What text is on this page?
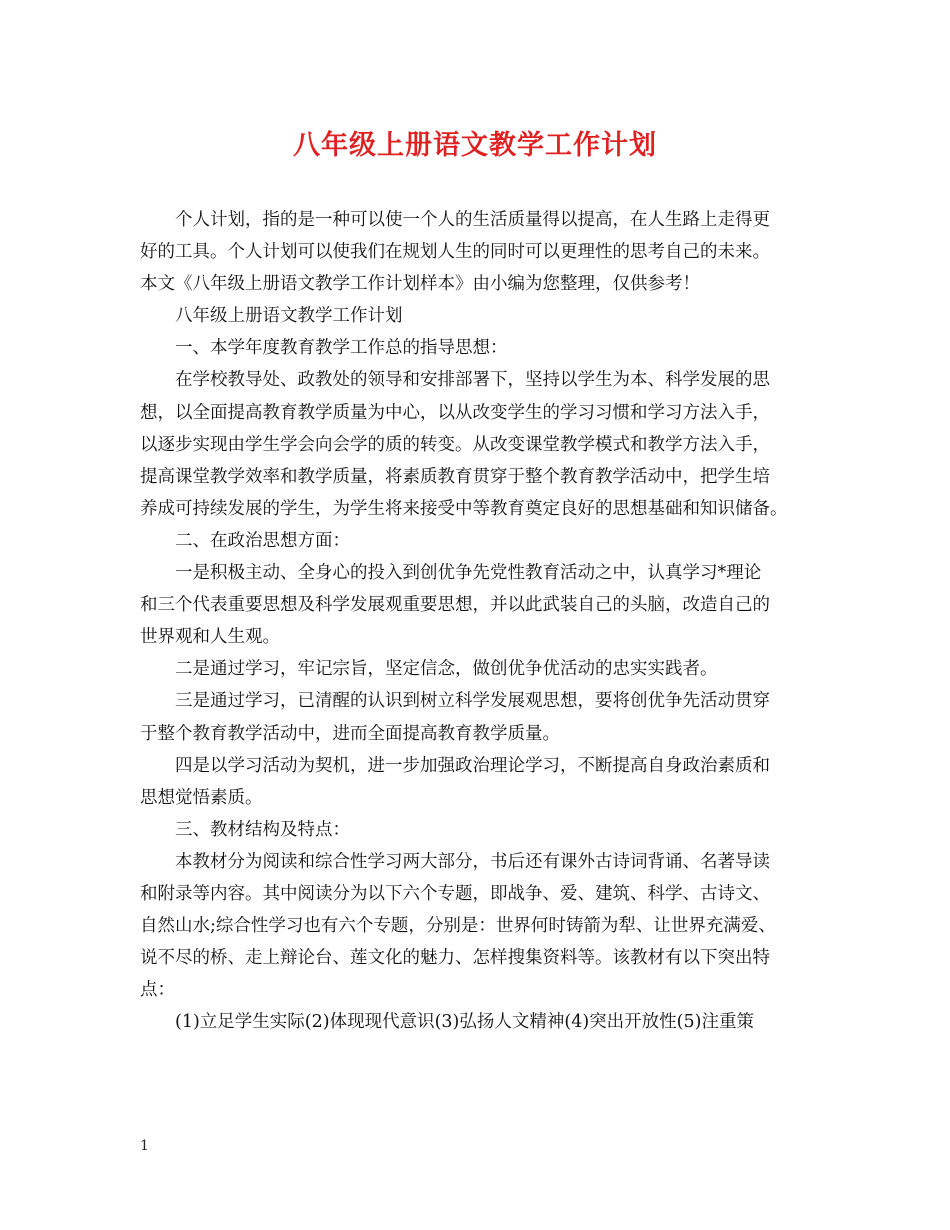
八年级上册语文教学工作计划
个人计划，指的是一种可以使一个人的生活质量得以提高，在人生路上走得更
好的工具。个人计划可以使我们在规划人生的同时可以更理性的思考自己的未来。
本文《八年级上册语文教学工作计划样本》由小编为您整理，仅供参考！
八年级上册语文教学工作计划
一、本学年度教育教学工作总的指导思想：
在学校教导处、政教处的领导和安排部署下，坚持以学生为本、科学发展的思
想，以全面提高教育教学质量为中心，以从改变学生的学习习惯和学习方法入手，
以逐步实现由学生学会向会学的质的转变。从改变课堂教学模式和教学方法入手，
提高课堂教学效率和教学质量，将素质教育贯穿于整个教育教学活动中，把学生培
养成可持续发展的学生，为学生将来接受中等教育奠定良好的思想基础和知识储备。
二、在政治思想方面：
一是积极主动、全身心的投入到创优争先党性教育活动之中，认真学习*理论
和三个代表重要思想及科学发展观重要思想，并以此武装自己的头脑，改造自己的
世界观和人生观。
二是通过学习，牢记宗旨，坚定信念，做创优争优活动的忠实实践者。
三是通过学习，已清醒的认识到树立科学发展观思想，要将创优争先活动贯穿
于整个教育教学活动中，进而全面提高教育教学质量。
四是以学习活动为契机，进一步加强政治理论学习，不断提高自身政治素质和
思想觉悟素质。
三、教材结构及特点：
本教材分为阅读和综合性学习两大部分，书后还有课外古诗词背诵、名著导读
和附录等内容。其中阅读分为以下六个专题，即战争、爱、建筑、科学、古诗文、
自然山水;综合性学习也有六个专题，分别是：世界何时铸箭为犁、让世界充满爱、
说不尽的桥、走上辩论台、莲文化的魅力、怎样搜集资料等。该教材有以下突出特
点：
(1)立足学生实际(2)体现现代意识(3)弘扬人文精神(4)突出开放性(5)注重策
1
